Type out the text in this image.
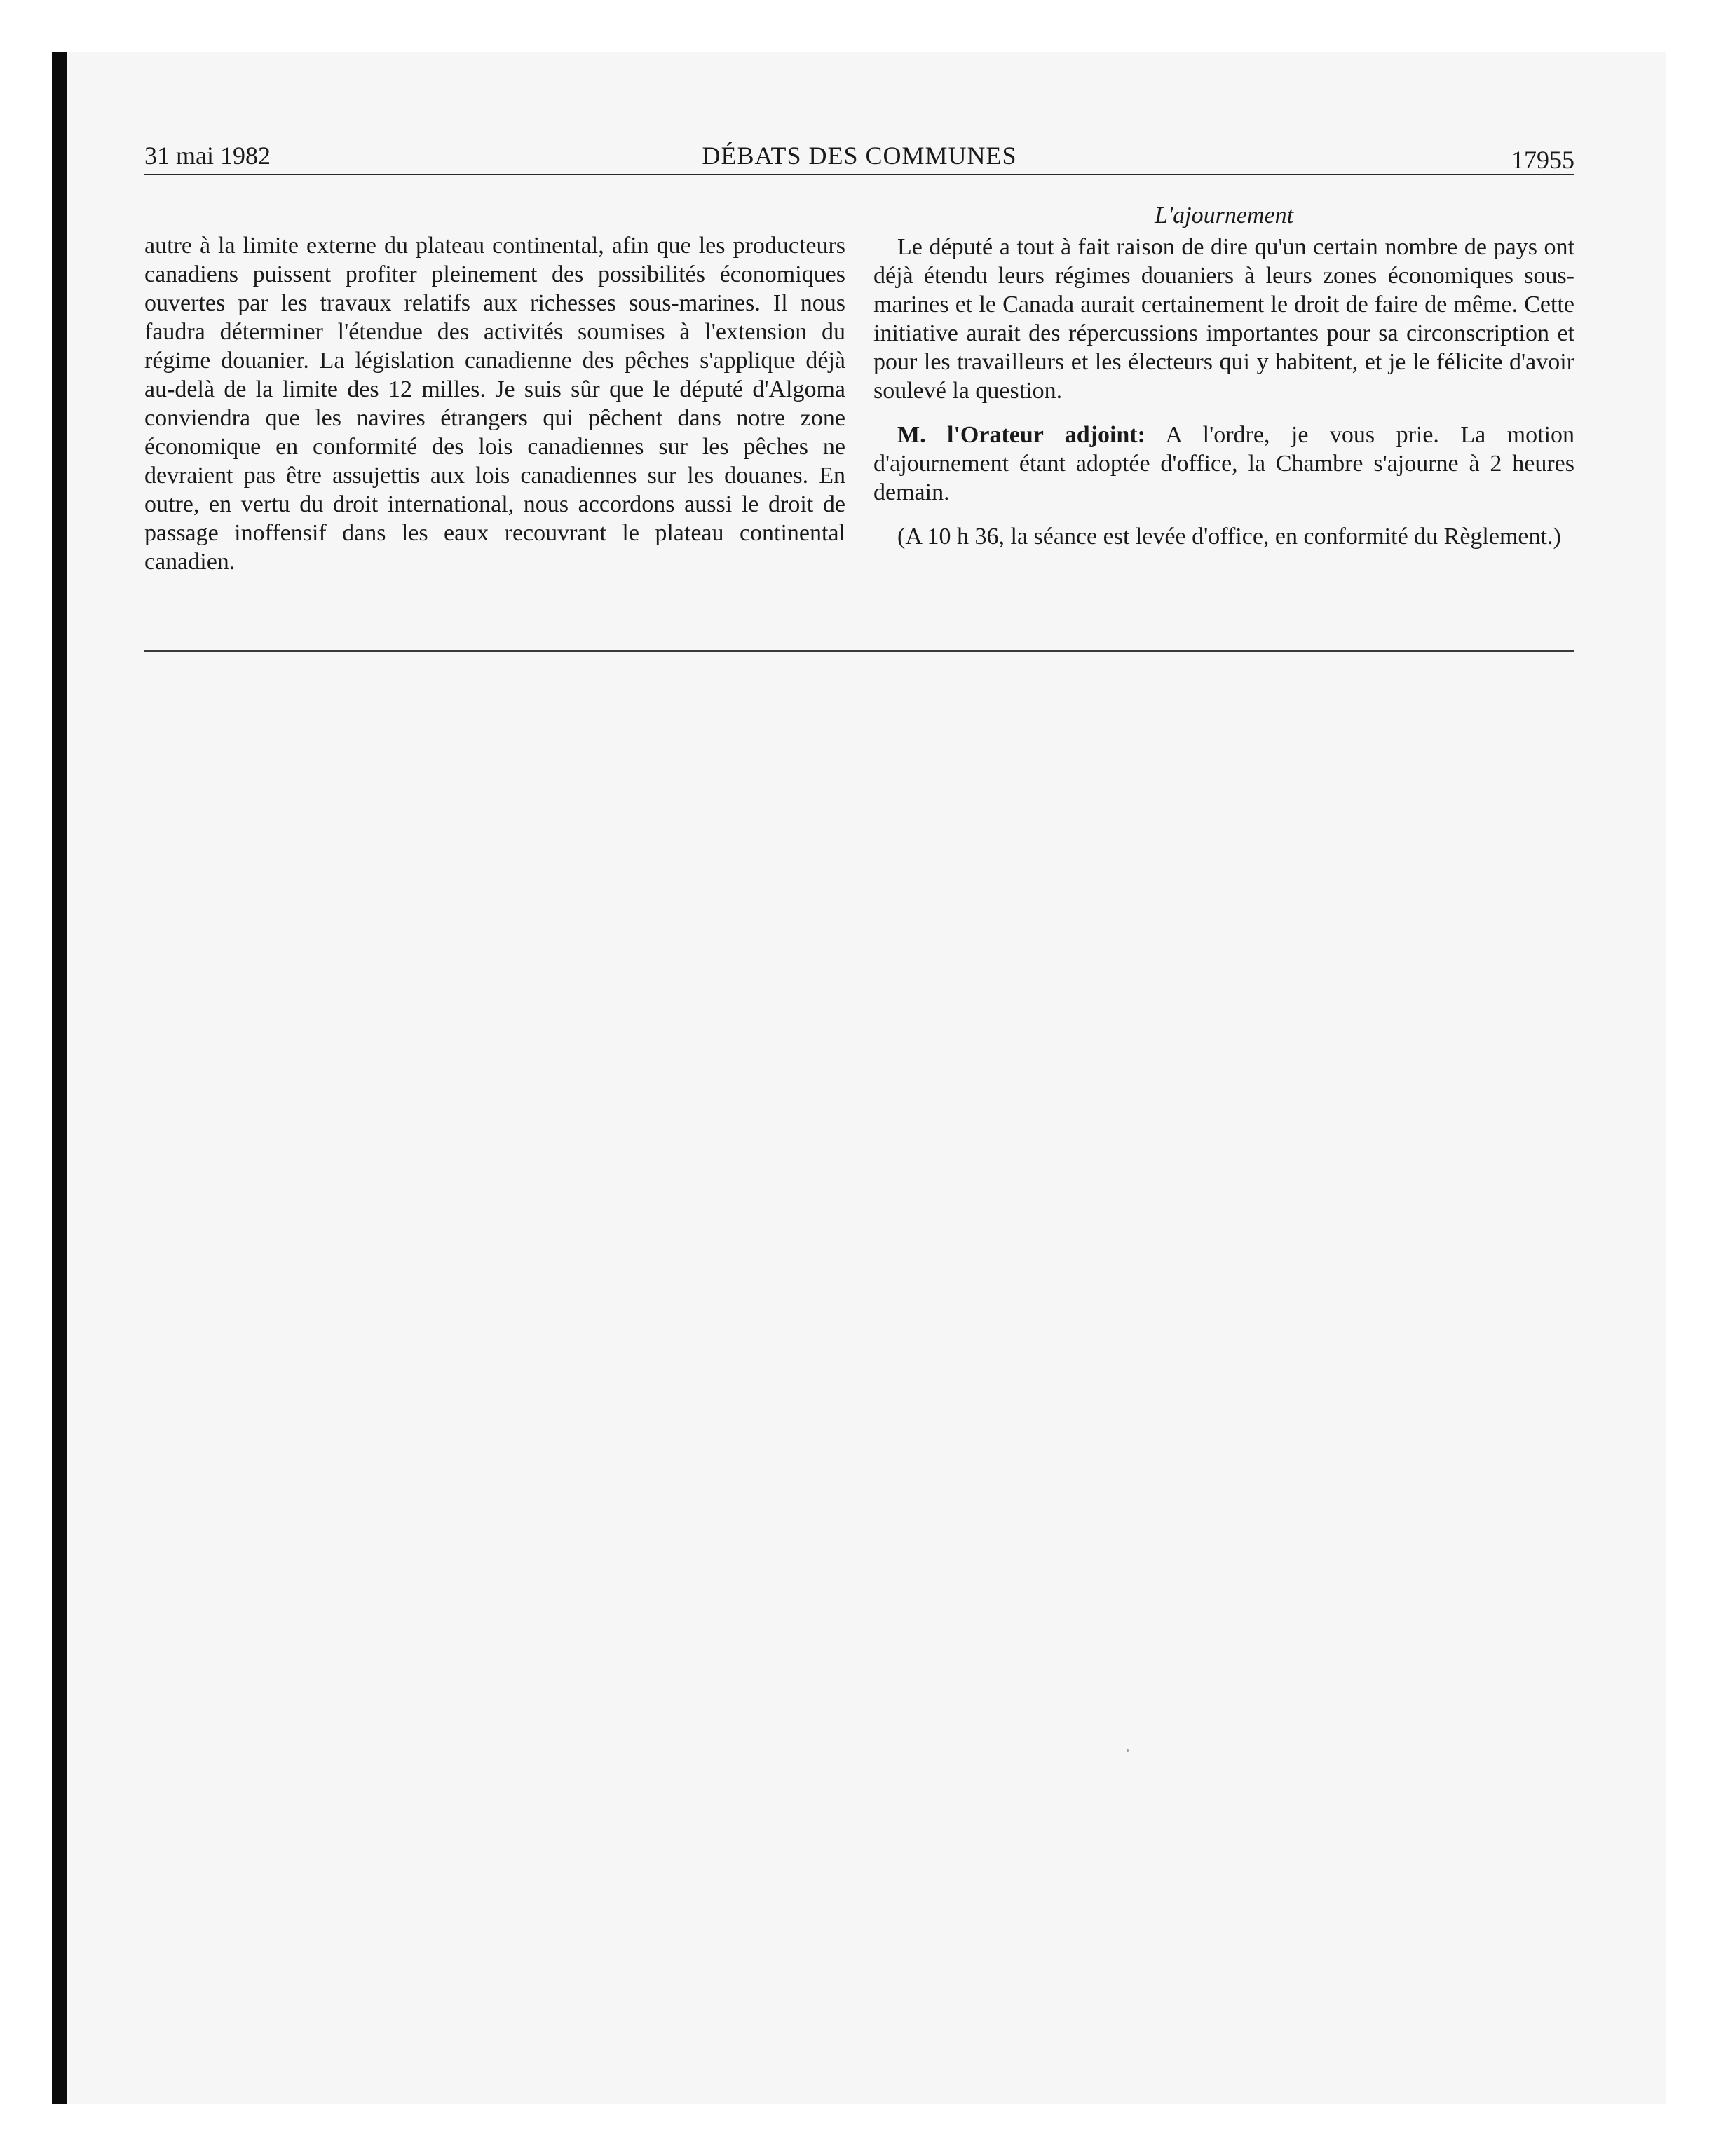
31 mai 1982	DÉBATS DES COMMUNES	17955

autre à la limite externe du plateau continental, afin que les producteurs canadiens puissent profiter pleinement des possibilités économiques ouvertes par les travaux relatifs aux richesses sous-marines. Il nous faudra déterminer l'étendue des activités soumises à l'extension du régime douanier. La législation canadienne des pêches s'applique déjà au-delà de la limite des 12 milles. Je suis sûr que le député d'Algoma conviendra que les navires étrangers qui pêchent dans notre zone économique en conformité des lois canadiennes sur les pêches ne devraient pas être assujettis aux lois canadiennes sur les douanes. En outre, en vertu du droit international, nous accordons aussi le droit de passage inoffensif dans les eaux recouvrant le plateau continental canadien.

L'ajournement

Le député a tout à fait raison de dire qu'un certain nombre de pays ont déjà étendu leurs régimes douaniers à leurs zones économiques sous-marines et le Canada aurait certainement le droit de faire de même. Cette initiative aurait des répercussions importantes pour sa circonscription et pour les travailleurs et les électeurs qui y habitent, et je le félicite d'avoir soulevé la question.

M. l'Orateur adjoint: A l'ordre, je vous prie. La motion d'ajournement étant adoptée d'office, la Chambre s'ajourne à 2 heures demain.

(A 10 h 36, la séance est levée d'office, en conformité du Règlement.)
